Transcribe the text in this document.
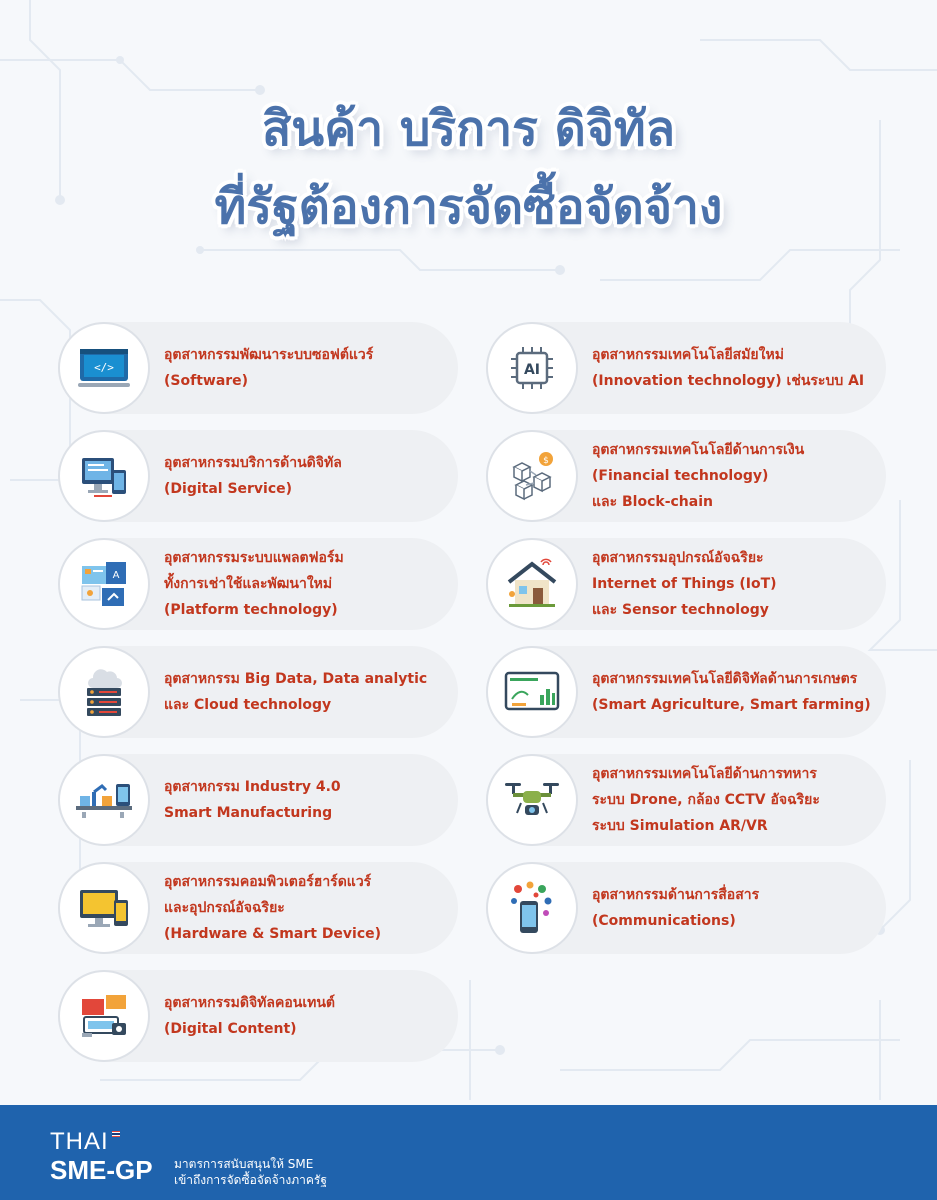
สินค้า บริการ ดิจิทัล
ที่รัฐต้องการจัดซื้อจัดจ้าง
</>
อุตสาหกรรมพัฒนาระบบซอฟต์แวร์
(Software)
อุตสาหกรรมบริการด้านดิจิทัล
(Digital Service)
A
อุตสาหกรรมระบบแพลตฟอร์ม
ทั้งการเช่าใช้และพัฒนาใหม่
(Platform technology)
อุตสาหกรรม Big Data, Data analytic
และ Cloud technology
อุตสาหกรรม Industry 4.0
Smart Manufacturing
อุตสาหกรรมคอมพิวเตอร์ฮาร์ดแวร์
และอุปกรณ์อัจฉริยะ
(Hardware & Smart Device)
อุตสาหกรรมดิจิทัลคอนเทนต์
(Digital Content)
AI
อุตสาหกรรมเทคโนโลยีสมัยใหม่
(Innovation technology) เช่นระบบ AI
$
อุตสาหกรรมเทคโนโลยีด้านการเงิน
(Financial technology)
และ Block-chain
อุตสาหกรรมอุปกรณ์อัจฉริยะ
Internet of Things (IoT)
และ Sensor technology
อุตสาหกรรมเทคโนโลยีดิจิทัลด้านการเกษตร
(Smart Agriculture, Smart farming)
อุตสาหกรรมเทคโนโลยีด้านการทหาร
ระบบ Drone, กล้อง CCTV อัจฉริยะ
ระบบ Simulation AR/VR
อุตสาหกรรมด้านการสื่อสาร
(Communications)
THAI
SME-GP มาตรการสนับสนุนให้ SME
เข้าถึงการจัดซื้อจัดจ้างภาครัฐ
